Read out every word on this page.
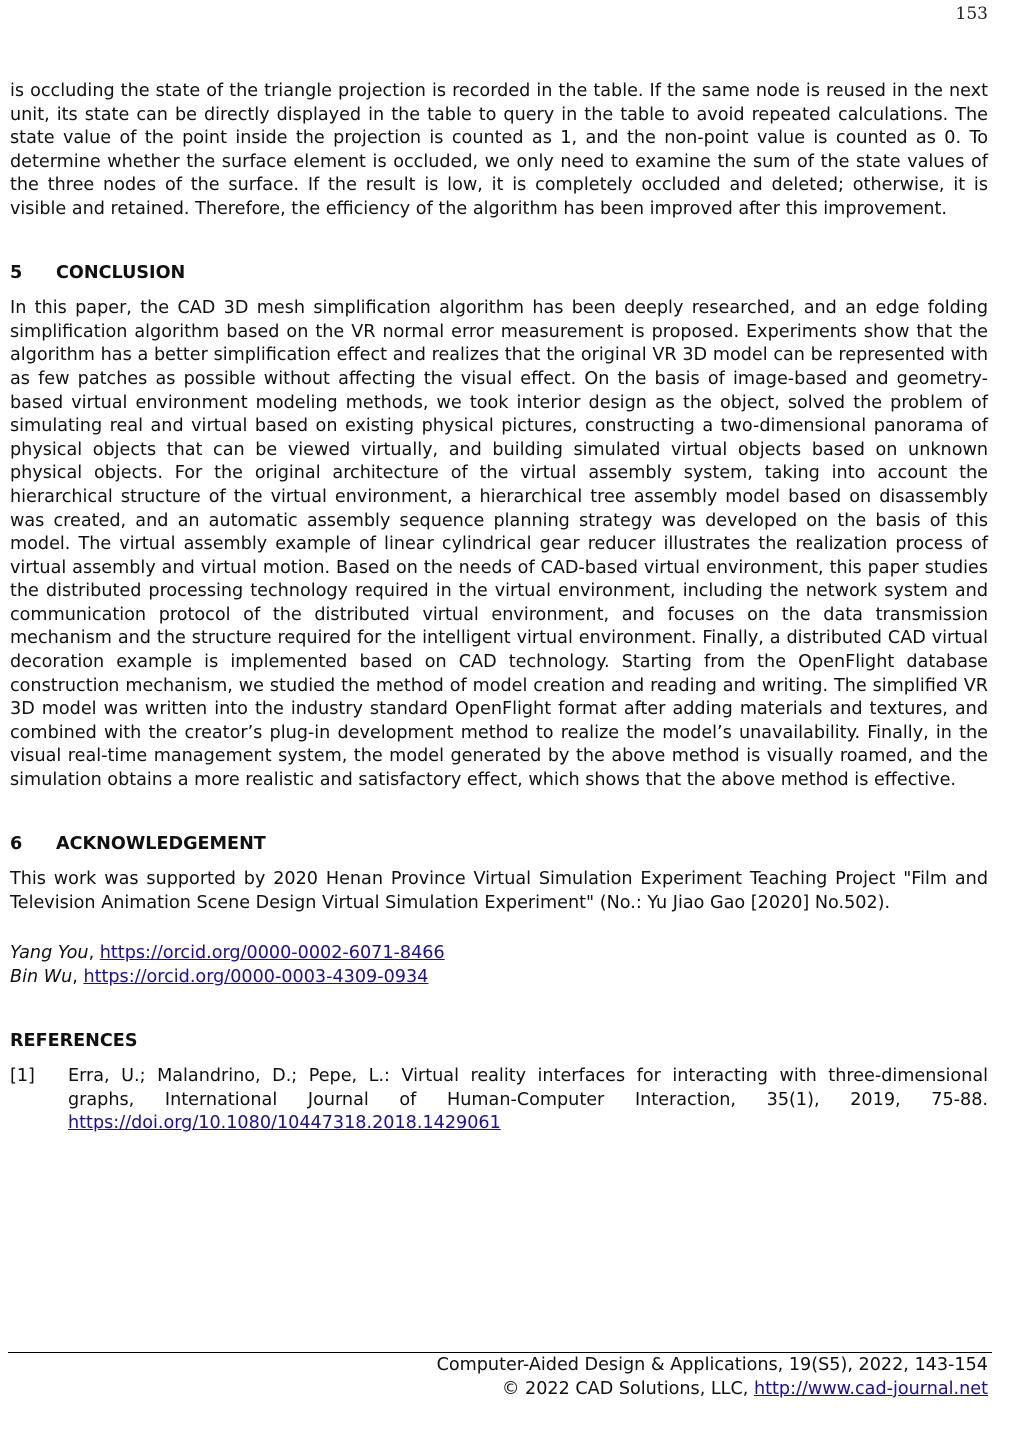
153

is occluding the state of the triangle projection is recorded in the table. If the same node is reused in the next unit, its state can be directly displayed in the table to query in the table to avoid repeated calculations. The state value of the point inside the projection is counted as 1, and the non-point value is counted as 0. To determine whether the surface element is occluded, we only need to examine the sum of the state values of the three nodes of the surface. If the result is low, it is completely occluded and deleted; otherwise, it is visible and retained. Therefore, the efficiency of the algorithm has been improved after this improvement.

5	CONCLUSION

In this paper, the CAD 3D mesh simplification algorithm has been deeply researched, and an edge folding simplification algorithm based on the VR normal error measurement is proposed. Experiments show that the algorithm has a better simplification effect and realizes that the original VR 3D model can be represented with as few patches as possible without affecting the visual effect. On the basis of image-based and geometry-based virtual environment modeling methods, we took interior design as the object, solved the problem of simulating real and virtual based on existing physical pictures, constructing a two-dimensional panorama of physical objects that can be viewed virtually, and building simulated virtual objects based on unknown physical objects. For the original architecture of the virtual assembly system, taking into account the hierarchical structure of the virtual environment, a hierarchical tree assembly model based on disassembly was created, and an automatic assembly sequence planning strategy was developed on the basis of this model. The virtual assembly example of linear cylindrical gear reducer illustrates the realization process of virtual assembly and virtual motion. Based on the needs of CAD-based virtual environment, this paper studies the distributed processing technology required in the virtual environment, including the network system and communication protocol of the distributed virtual environment, and focuses on the data transmission mechanism and the structure required for the intelligent virtual environment. Finally, a distributed CAD virtual decoration example is implemented based on CAD technology. Starting from the OpenFlight database construction mechanism, we studied the method of model creation and reading and writing. The simplified VR 3D model was written into the industry standard OpenFlight format after adding materials and textures, and combined with the creator’s plug-in development method to realize the model’s unavailability. Finally, in the visual real-time management system, the model generated by the above method is visually roamed, and the simulation obtains a more realistic and satisfactory effect, which shows that the above method is effective.

6	ACKNOWLEDGEMENT

This work was supported by 2020 Henan Province Virtual Simulation Experiment Teaching Project "Film and Television Animation Scene Design Virtual Simulation Experiment" (No.: Yu Jiao Gao [2020] No.502).

Yang You, https://orcid.org/0000-0002-6071-8466
Bin Wu, https://orcid.org/0000-0003-4309-0934
REFERENCES
[1]	Erra, U.; Malandrino, D.; Pepe, L.: Virtual reality interfaces for interacting with three-dimensional graphs, International Journal of Human‑Computer Interaction, 35(1), 2019, 75-88. https://doi.org/10.1080/10447318.2018.1429061
Computer-Aided Design & Applications, 19(S5), 2022, 143-154
© 2022 CAD Solutions, LLC, http://www.cad-journal.net
